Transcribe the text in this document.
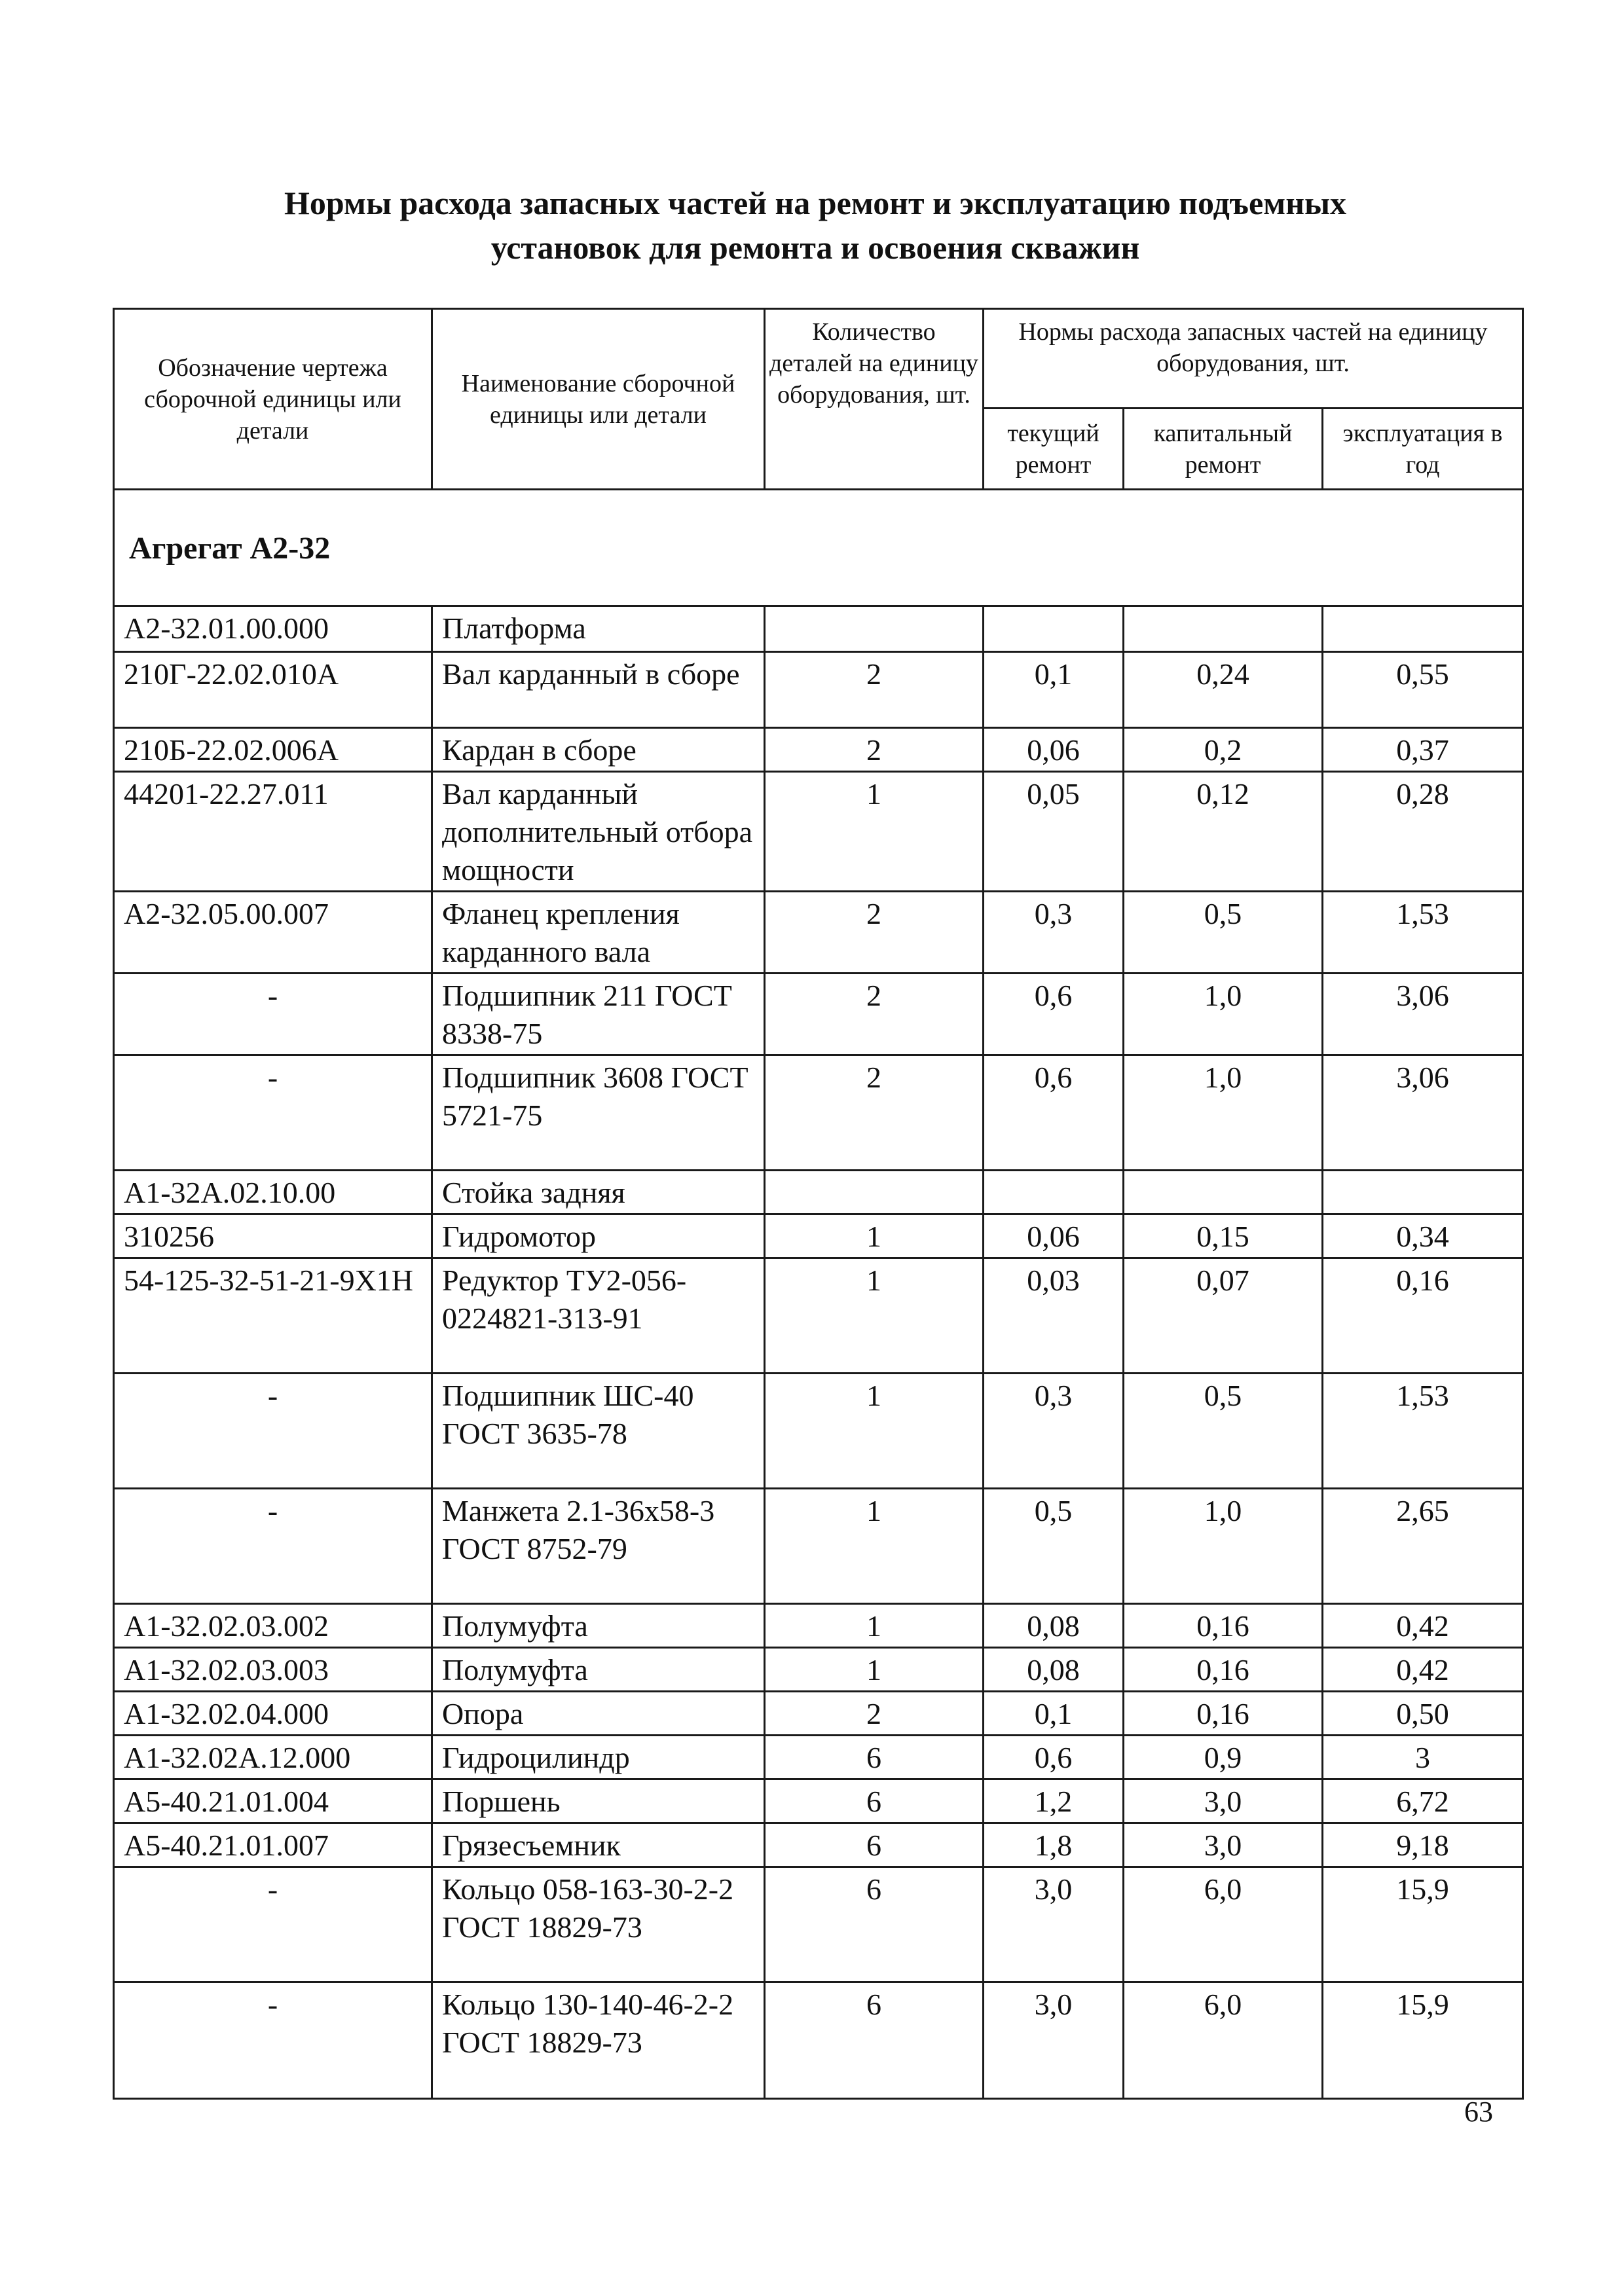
Нормы расхода запасных частей на ремонт и эксплуатацию подъемных
установок для ремонта и освоения скважин
Обозначение чертежа сборочной единицы или детали	Наименование сборочной единицы или детали	Количество деталей на единицу оборудования, шт.	Нормы расхода запасных частей на единицу оборудования, шт.		
			текущий ремонт	капитальный ремонт	эксплуатация в год
Агрегат А2-32					
А2-32.01.00.000	Платформа				
210Г-22.02.010А	Вал карданный в сборе	2	0,1	0,24	0,55
210Б-22.02.006А	Кардан в сборе	2	0,06	0,2	0,37
44201-22.27.011	Вал карданный дополнительный отбора мощности	1	0,05	0,12	0,28
А2-32.05.00.007	Фланец крепления карданного вала	2	0,3	0,5	1,53
-	Подшипник 211 ГОСТ 8338-75	2	0,6	1,0	3,06
-	Подшипник 3608 ГОСТ 5721-75	2	0,6	1,0	3,06
А1-32А.02.10.00	Стойка задняя				
310256	Гидромотор	1	0,06	0,15	0,34
54-125-32-51-21-9Х1Н	Редуктор ТУ2-056-0224821-313-91	1	0,03	0,07	0,16
-	Подшипник ШС-40 ГОСТ 3635-78	1	0,3	0,5	1,53
-	Манжета 2.1-36х58-3 ГОСТ 8752-79	1	0,5	1,0	2,65
А1-32.02.03.002	Полумуфта	1	0,08	0,16	0,42
А1-32.02.03.003	Полумуфта	1	0,08	0,16	0,42
А1-32.02.04.000	Опора	2	0,1	0,16	0,50
А1-32.02А.12.000	Гидроцилиндр	6	0,6	0,9	3
А5-40.21.01.004	Поршень	6	1,2	3,0	6,72
А5-40.21.01.007	Грязесъемник	6	1,8	3,0	9,18
-	Кольцо 058-163-30-2-2 ГОСТ 18829-73	6	3,0	6,0	15,9
-	Кольцо 130-140-46-2-2 ГОСТ 18829-73	6	3,0	6,0	15,9
63
